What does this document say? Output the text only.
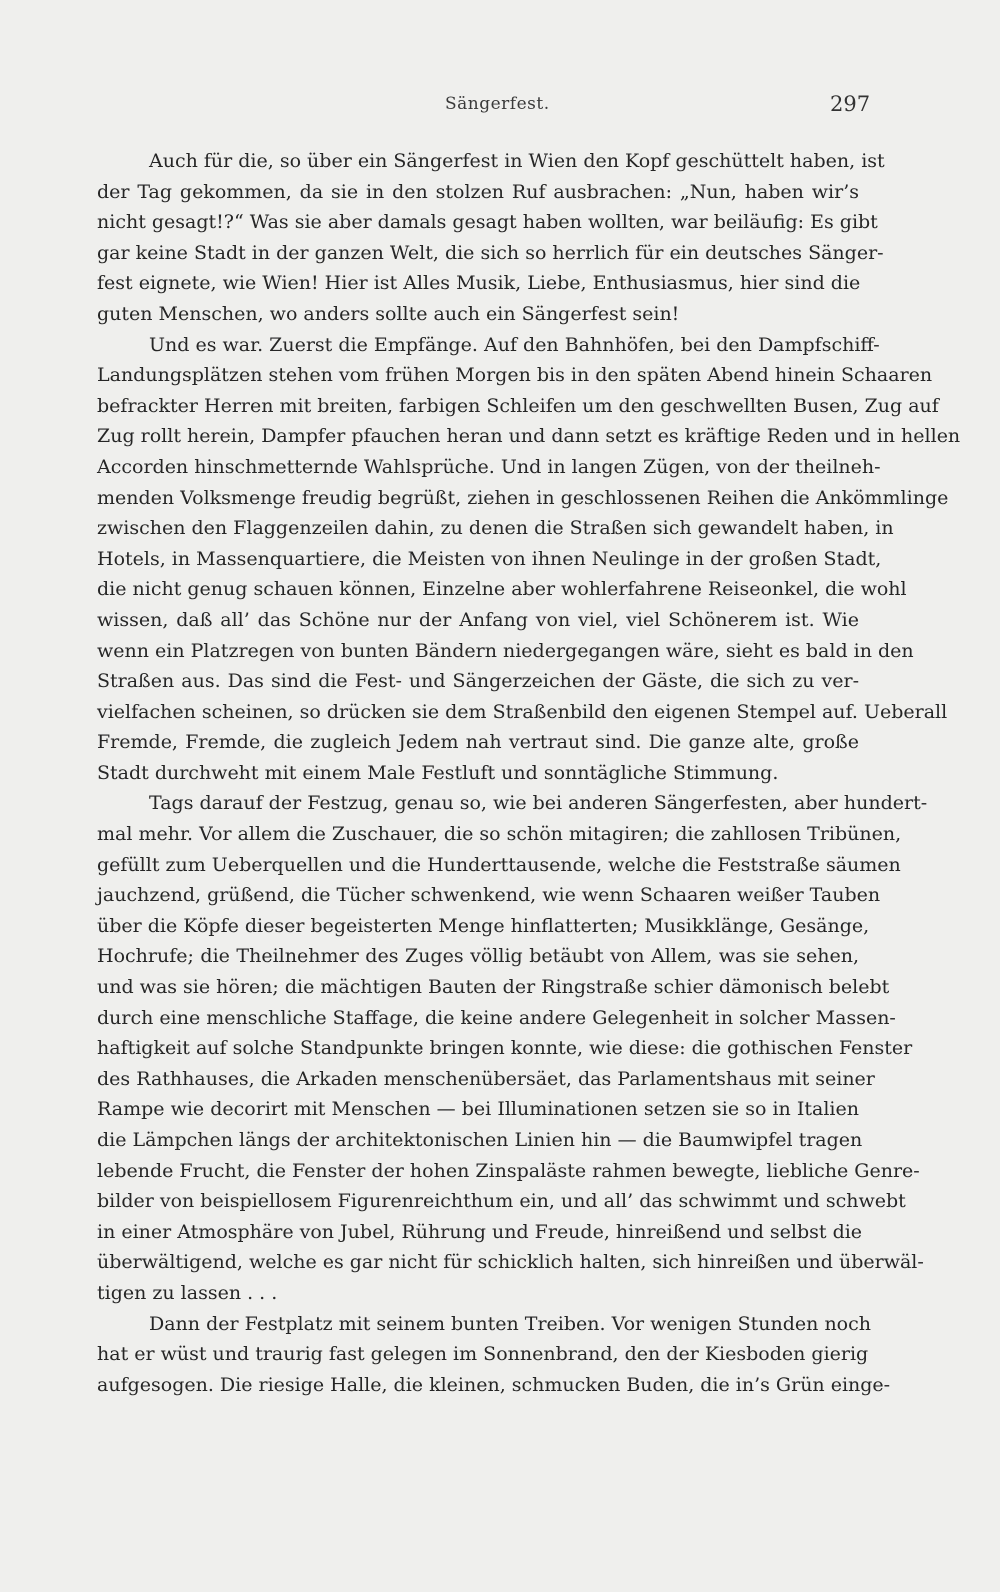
Sängerfest.	297
Auch für die, so über ein Sängerfest in Wien den Kopf geschüttelt haben, ist
der Tag gekommen, da sie in den stolzen Ruf ausbrachen: „Nun, haben wir’s
nicht gesagt!?“ Was sie aber damals gesagt haben wollten, war beiläufig: Es gibt
gar keine Stadt in der ganzen Welt, die sich so herrlich für ein deutsches Sänger-
fest eignete, wie Wien! Hier ist Alles Musik, Liebe, Enthusiasmus, hier sind die
guten Menschen, wo anders sollte auch ein Sängerfest sein!
Und es war. Zuerst die Empfänge. Auf den Bahnhöfen, bei den Dampfschiff-
Landungsplätzen stehen vom frühen Morgen bis in den späten Abend hinein Schaaren
befrackter Herren mit breiten, farbigen Schleifen um den geschwellten Busen, Zug auf
Zug rollt herein, Dampfer pfauchen heran und dann setzt es kräftige Reden und in hellen
Accorden hinschmetternde Wahlsprüche. Und in langen Zügen, von der theilneh-
menden Volksmenge freudig begrüßt, ziehen in geschlossenen Reihen die Ankömmlinge
zwischen den Flaggenzeilen dahin, zu denen die Straßen sich gewandelt haben, in
Hotels, in Massenquartiere, die Meisten von ihnen Neulinge in der großen Stadt,
die nicht genug schauen können, Einzelne aber wohlerfahrene Reiseonkel, die wohl
wissen, daß all’ das Schöne nur der Anfang von viel, viel Schönerem ist. Wie
wenn ein Platzregen von bunten Bändern niedergegangen wäre, sieht es bald in den
Straßen aus. Das sind die Fest- und Sängerzeichen der Gäste, die sich zu ver-
vielfachen scheinen, so drücken sie dem Straßenbild den eigenen Stempel auf. Ueberall
Fremde, Fremde, die zugleich Jedem nah vertraut sind. Die ganze alte, große
Stadt durchweht mit einem Male Festluft und sonntägliche Stimmung.
Tags darauf der Festzug, genau so, wie bei anderen Sängerfesten, aber hundert-
mal mehr. Vor allem die Zuschauer, die so schön mitagiren; die zahllosen Tribünen,
gefüllt zum Ueberquellen und die Hunderttausende, welche die Feststraße säumen
jauchzend, grüßend, die Tücher schwenkend, wie wenn Schaaren weißer Tauben
über die Köpfe dieser begeisterten Menge hinflatterten; Musikklänge, Gesänge,
Hochrufe; die Theilnehmer des Zuges völlig betäubt von Allem, was sie sehen,
und was sie hören; die mächtigen Bauten der Ringstraße schier dämonisch belebt
durch eine menschliche Staffage, die keine andere Gelegenheit in solcher Massen-
haftigkeit auf solche Standpunkte bringen konnte, wie diese: die gothischen Fenster
des Rathhauses, die Arkaden menschenübersäet, das Parlamentshaus mit seiner
Rampe wie decorirt mit Menschen — bei Illuminationen setzen sie so in Italien
die Lämpchen längs der architektonischen Linien hin — die Baumwipfel tragen
lebende Frucht, die Fenster der hohen Zinspaläste rahmen bewegte, liebliche Genre-
bilder von beispiellosem Figurenreichthum ein, und all’ das schwimmt und schwebt
in einer Atmosphäre von Jubel, Rührung und Freude, hinreißend und selbst die
überwältigend, welche es gar nicht für schicklich halten, sich hinreißen und überwäl-
tigen zu lassen . . .
Dann der Festplatz mit seinem bunten Treiben. Vor wenigen Stunden noch
hat er wüst und traurig fast gelegen im Sonnenbrand, den der Kiesboden gierig
aufgesogen. Die riesige Halle, die kleinen, schmucken Buden, die in’s Grün einge-
